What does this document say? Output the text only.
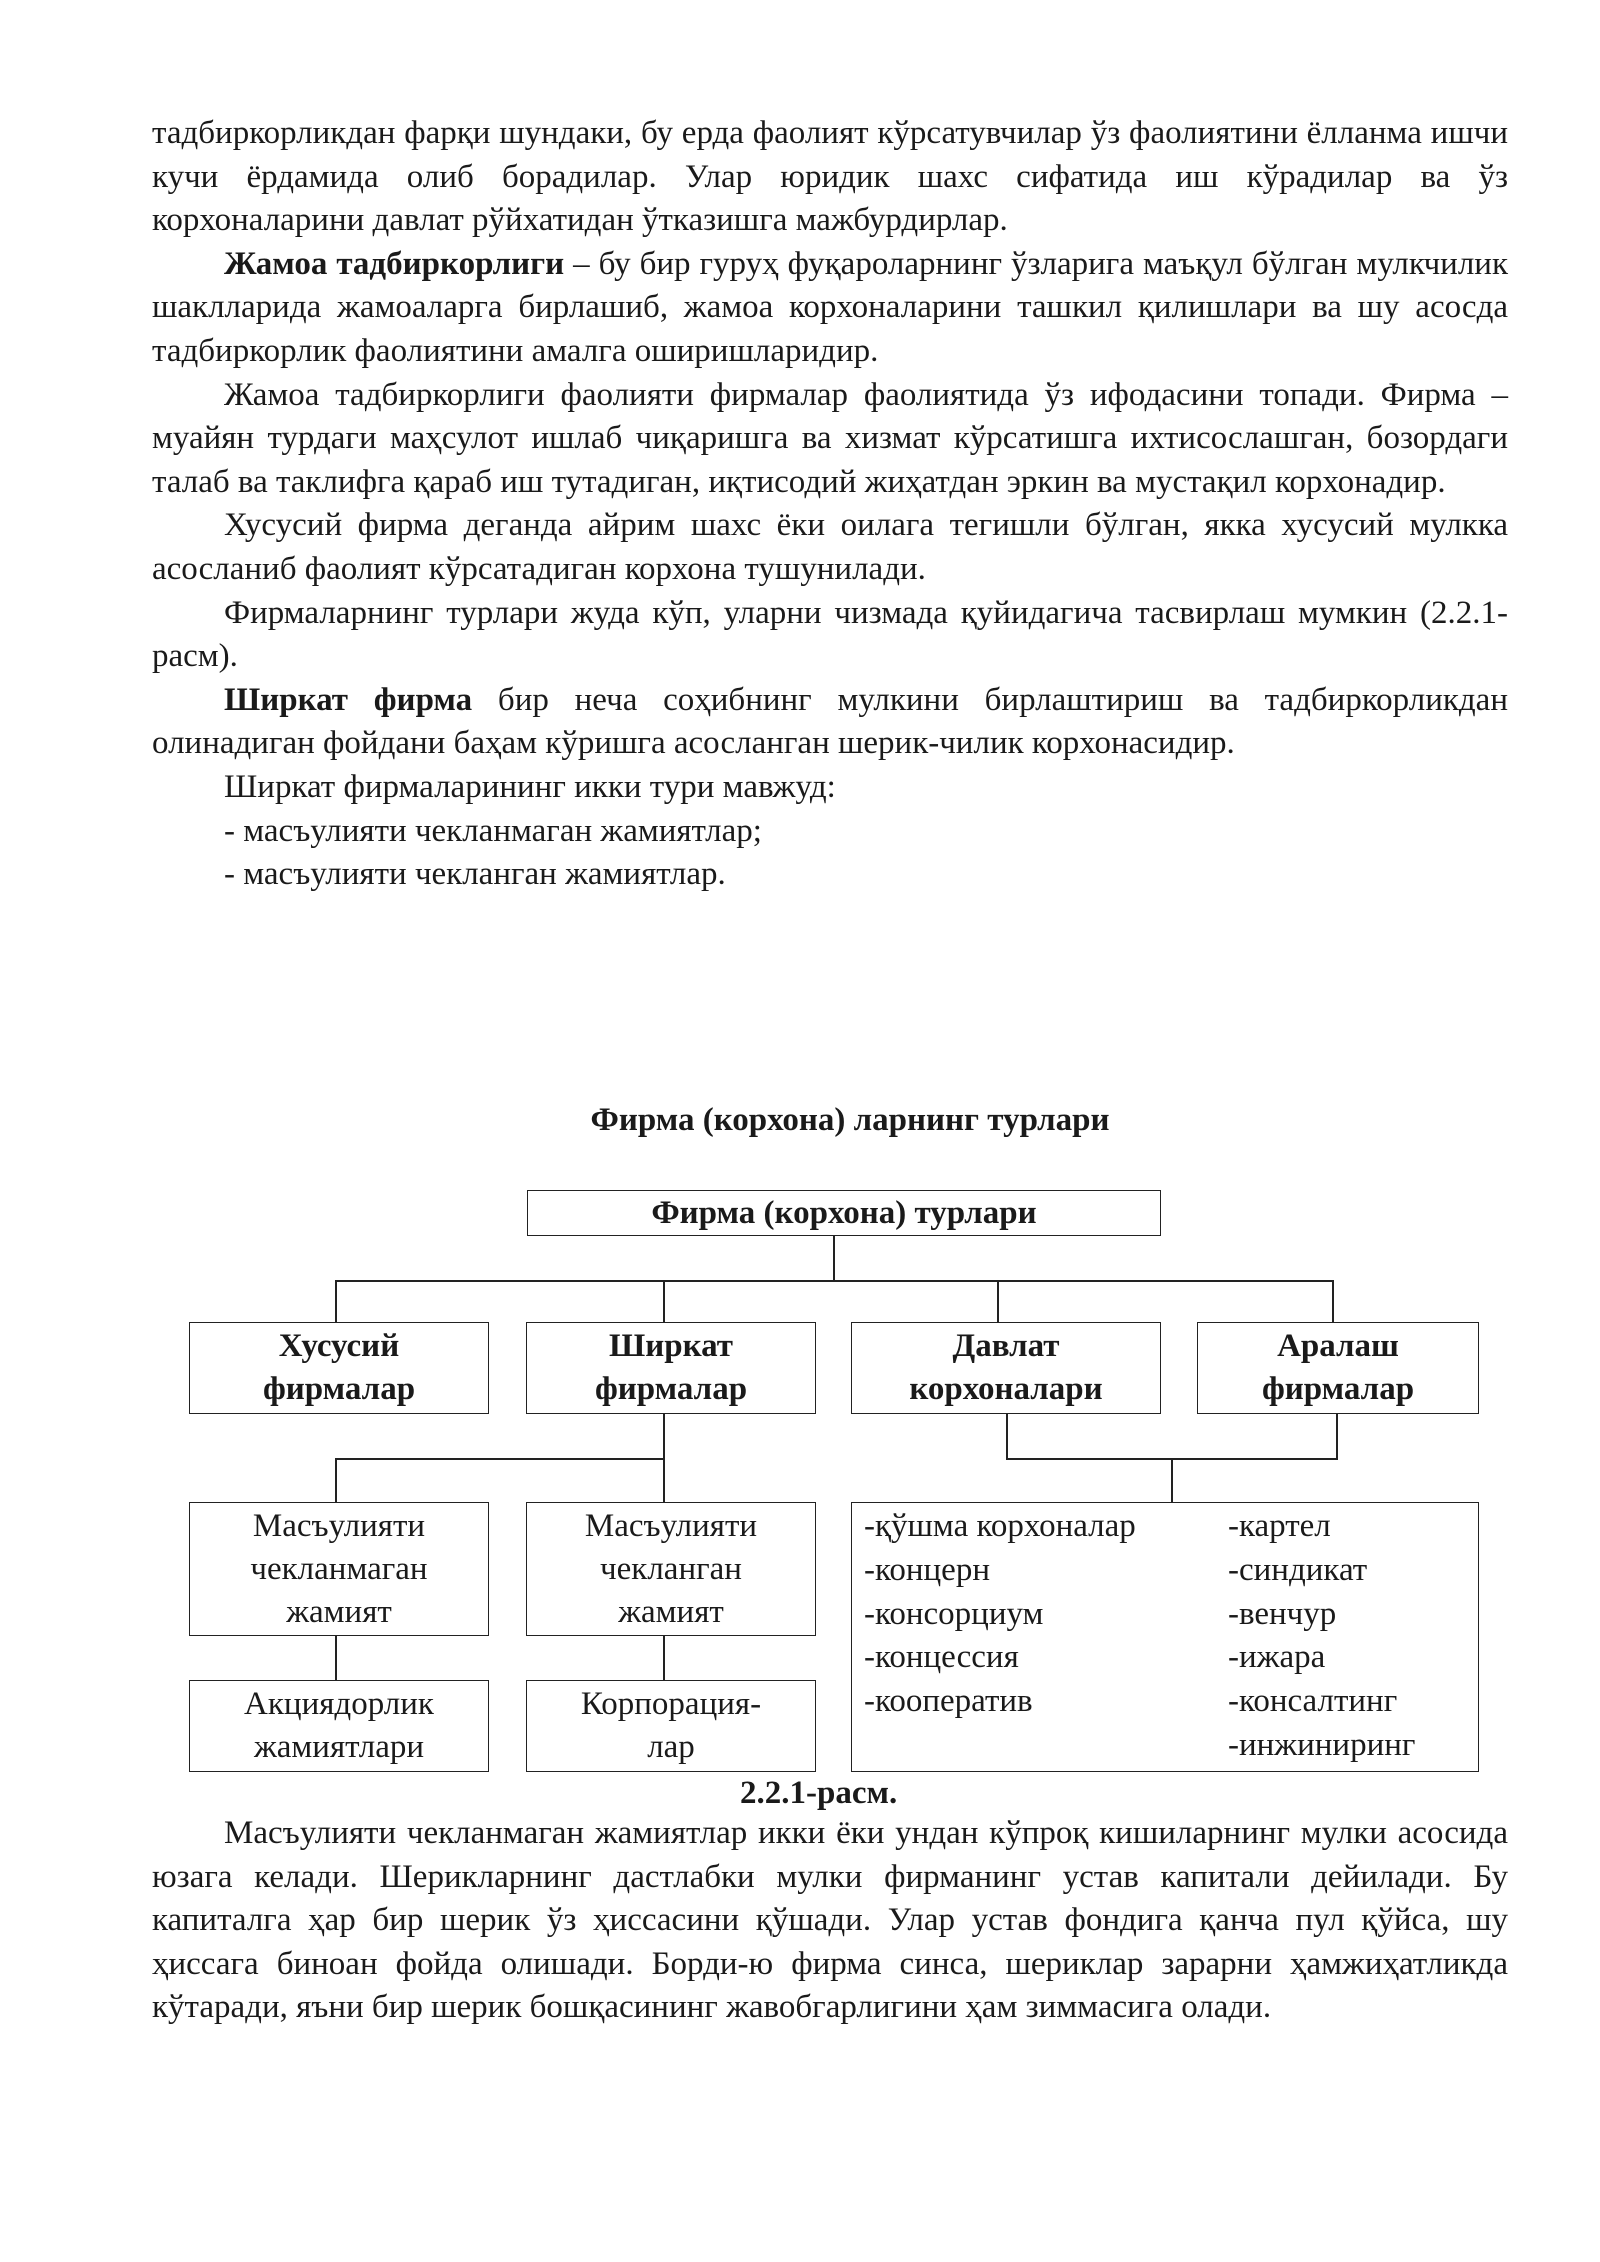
тадбиркорликдан фарқи шундаки, бу ерда фаолият кўрсатувчилар ўз фаолиятини ёлланма ишчи кучи ёрдамида олиб борадилар. Улар юридик шахс сифатида иш кўрадилар ва ўз корхоналарини давлат рўйхатидан ўтказишга мажбурдирлар.

Жамоа тадбиркорлиги – бу бир гуруҳ фуқароларнинг ўзларига маъқул бўлган мулкчилик шаклларида жамоаларга бирлашиб, жамоа корхоналарини ташкил қилишлари ва шу асосда тадбиркорлик фаолиятини амалга оширишларидир.

Жамоа тадбиркорлиги фаолияти фирмалар фаолиятида ўз ифодасини топади. Фирма – муайян турдаги маҳсулот ишлаб чиқаришга ва хизмат кўрсатишга ихтисослашган, бозордаги талаб ва таклифга қараб иш тутадиган, иқтисодий жиҳатдан эркин ва мустақил корхонадир.

Хусусий фирма деганда айрим шахс ёки оилага тегишли бўлган, якка хусусий мулкка асосланиб фаолият кўрсатадиган корхона тушунилади.

Фирмаларнинг турлари жуда кўп, уларни чизмада қуйидагича тасвирлаш мумкин (2.2.1-расм).

Ширкат фирма бир неча соҳибнинг мулкини бирлаштириш ва тадбиркорликдан олинадиган фойдани баҳам кўришга асосланган шерик-чилик корхонасидир.

Ширкат фирмаларининг икки тури мавжуд:

- масъулияти чекланмаган жамиятлар;

- масъулияти чекланган жамиятлар.

Фирма (корхона) ларнинг турлари
Фирма (корхона) турлари
Хусусий
фирмалар
Ширкат
фирмалар
Давлат
корхоналари
Аралаш
фирмалар
Масъулияти
чекланмаган
жамият
Масъулияти
чекланган
жамият
Акциядорлик
жамиятлари
Корпорация-
лар
-қўшма корхоналар
-концерн
-консорциум
-концессия
-кооператив
-картел
-синдикат
-венчур
-ижара
-консалтинг
-инжиниринг
2.2.1-расм.

Масъулияти чекланмаган жамиятлар икки ёки ундан кўпроқ кишиларнинг мулки асосида юзага келади. Шерикларнинг дастлабки мулки фирманинг устав капитали дейилади. Бу капиталга ҳар бир шерик ўз ҳиссасини қўшади. Улар устав фондига қанча пул қўйса, шу ҳиссага биноан фойда олишади. Борди-ю фирма синса, шериклар зарарни ҳамжиҳатликда кўтаради, яъни бир шерик бошқасининг жавобгарлигини ҳам зиммасига олади.
